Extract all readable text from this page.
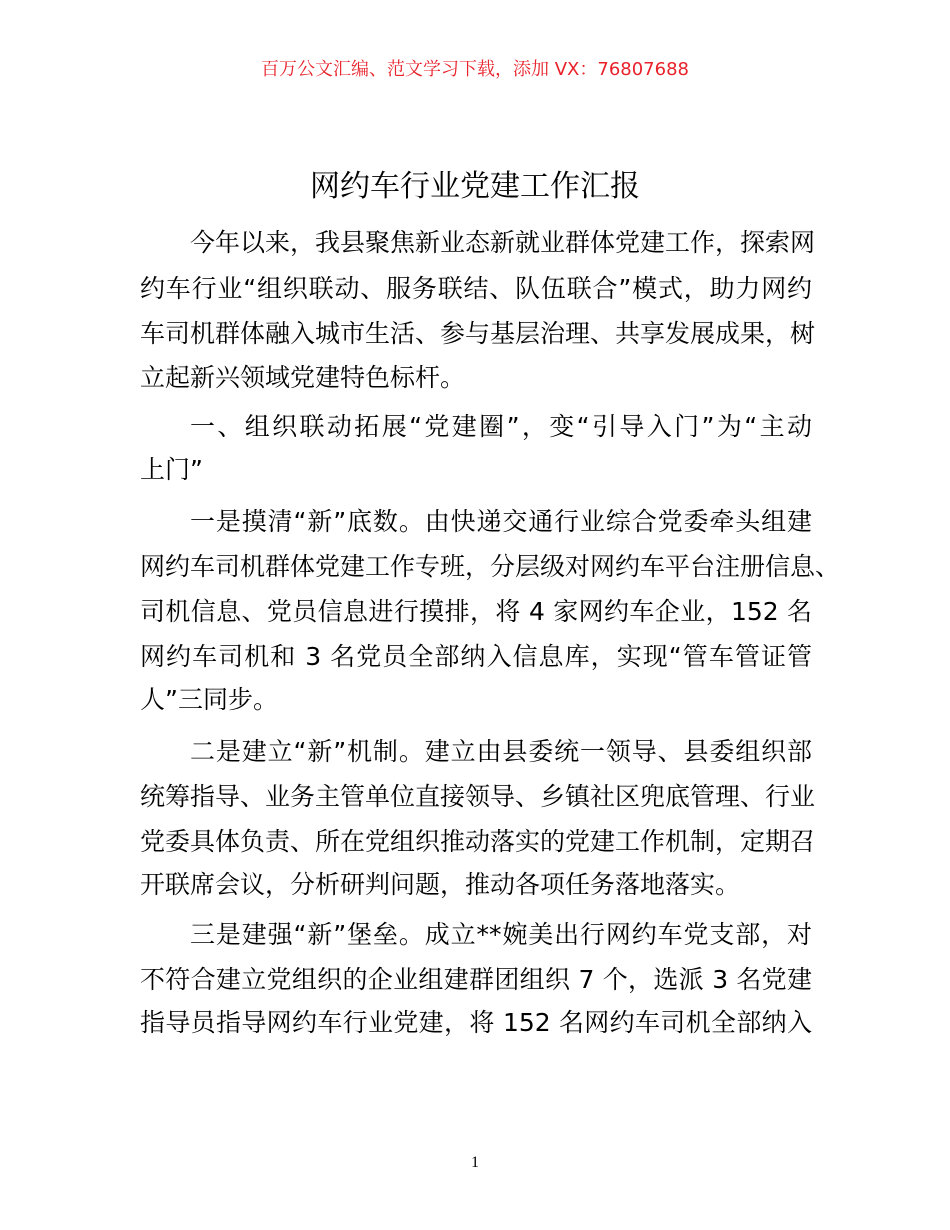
百万公文汇编、范文学习下载，添加 VX：76807688
网约车行业党建工作汇报
今年以来，我县聚焦新业态新就业群体党建工作，探索网
约车行业“组织联动、服务联结、队伍联合”模式，助力网约
车司机群体融入城市生活、参与基层治理、共享发展成果，树
立起新兴领域党建特色标杆。
一、组织联动拓展“党建圈”，变“引导入门”为“主动
上门”
一是摸清“新”底数。由快递交通行业综合党委牵头组建
网约车司机群体党建工作专班，分层级对网约车平台注册信息、
司机信息、党员信息进行摸排，将 4 家网约车企业，152 名
网约车司机和 3 名党员全部纳入信息库，实现“管车管证管
人”三同步。
二是建立“新”机制。建立由县委统一领导、县委组织部
统筹指导、业务主管单位直接领导、乡镇社区兜底管理、行业
党委具体负责、所在党组织推动落实的党建工作机制，定期召
开联席会议，分析研判问题，推动各项任务落地落实。
三是建强“新”堡垒。成立**婉美出行网约车党支部，对
不符合建立党组织的企业组建群团组织 7 个，选派 3 名党建
指导员指导网约车行业党建，将 152 名网约车司机全部纳入
1
